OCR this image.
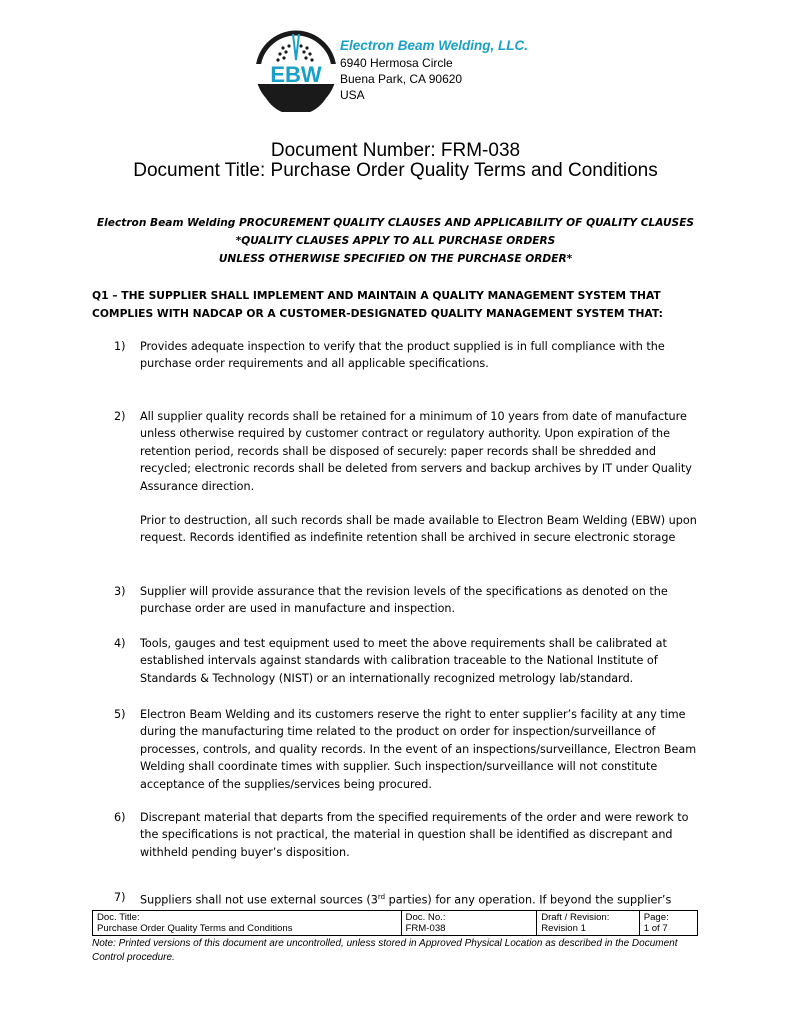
EBW
Electron Beam Welding, LLC.
6940 Hermosa Circle
Buena Park, CA 90620
USA
Document Number: FRM-038
Document Title: Purchase Order Quality Terms and Conditions
Electron Beam Welding PROCUREMENT QUALITY CLAUSES AND APPLICABILITY OF QUALITY CLAUSES
*QUALITY CLAUSES APPLY TO ALL PURCHASE ORDERS
UNLESS OTHERWISE SPECIFIED ON THE PURCHASE ORDER*
Q1 – THE SUPPLIER SHALL IMPLEMENT AND MAINTAIN A QUALITY MANAGEMENT SYSTEM THAT COMPLIES WITH NADCAP OR A CUSTOMER-DESIGNATED QUALITY MANAGEMENT SYSTEM THAT:
1) Provides adequate inspection to verify that the product supplied is in full compliance with the purchase order requirements and all applicable specifications.
2) All supplier quality records shall be retained for a minimum of 10 years from date of manufacture unless otherwise required by customer contract or regulatory authority. Upon expiration of the retention period, records shall be disposed of securely: paper records shall be shredded and recycled; electronic records shall be deleted from servers and backup archives by IT under Quality Assurance direction.
Prior to destruction, all such records shall be made available to Electron Beam Welding (EBW) upon request. Records identified as indefinite retention shall be archived in secure electronic storage
3) Supplier will provide assurance that the revision levels of the specifications as denoted on the purchase order are used in manufacture and inspection.
4) Tools, gauges and test equipment used to meet the above requirements shall be calibrated at established intervals against standards with calibration traceable to the National Institute of Standards & Technology (NIST) or an internationally recognized metrology lab/standard.
5) Electron Beam Welding and its customers reserve the right to enter supplier’s facility at any time during the manufacturing time related to the product on order for inspection/surveillance of processes, controls, and quality records. In the event of an inspections/surveillance, Electron Beam Welding shall coordinate times with supplier. Such inspection/surveillance will not constitute acceptance of the supplies/services being procured.
6) Discrepant material that departs from the specified requirements of the order and were rework to the specifications is not practical, the material in question shall be identified as discrepant and withheld pending buyer’s disposition.
7) Suppliers shall not use external sources (3rd parties) for any operation. If beyond the supplier’s
Doc. Title:
Purchase Order Quality Terms and Conditions

Doc. No.:
FRM-038

Draft / Revision:
Revision 1

Page:
1 of 7
Note: Printed versions of this document are uncontrolled, unless stored in Approved Physical Location as described in the Document Control procedure.
